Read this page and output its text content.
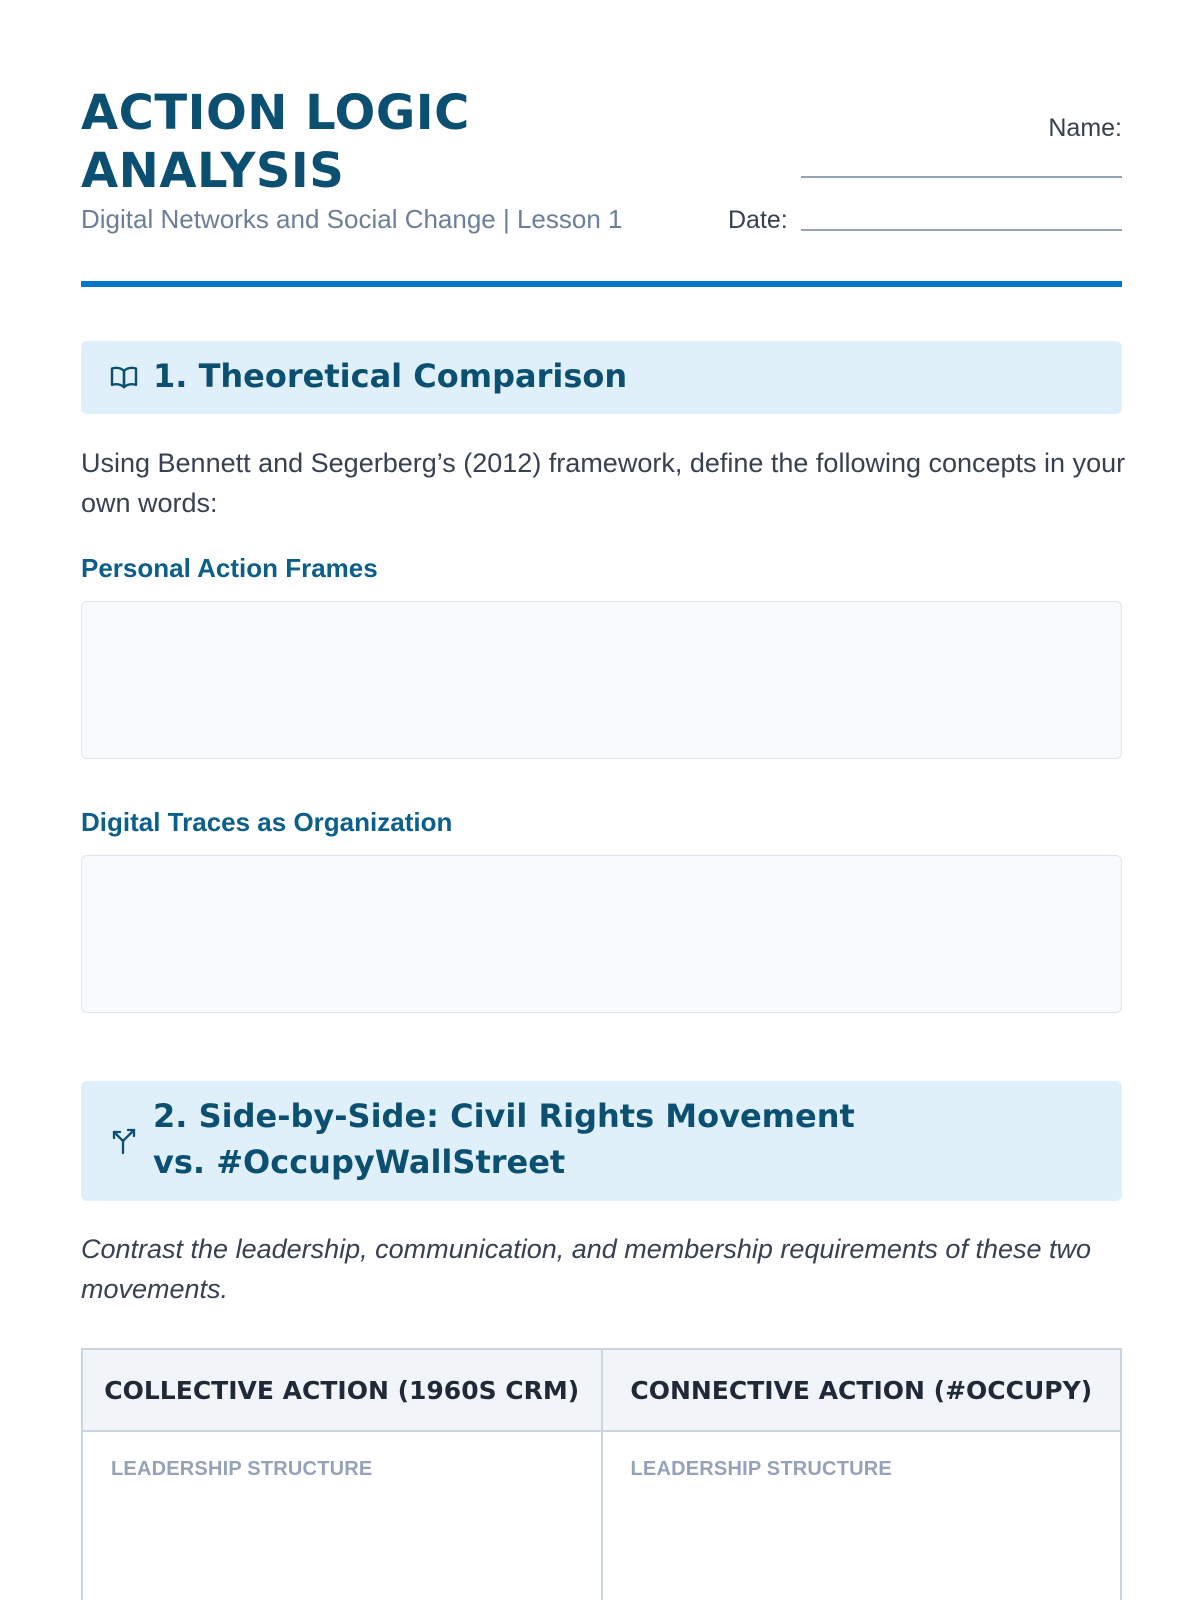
ACTION LOGIC ANALYSIS

Digital Networks and Social Change | Lesson 1

Name:

Date:

1. Theoretical Comparison

Using Bennett and Segerberg’s (2012) framework, define the following concepts in your own words:

Personal Action Frames
Digital Traces as Organization
2. Side-by-Side: Civil Rights Movement vs. #OccupyWallStreet

Contrast the leadership, communication, and membership requirements of these two movements.

COLLECTIVE ACTION (1960S CRM)	CONNECTIVE ACTION (#OCCUPY)

LEADERSHIP STRUCTURE	LEADERSHIP STRUCTURE
